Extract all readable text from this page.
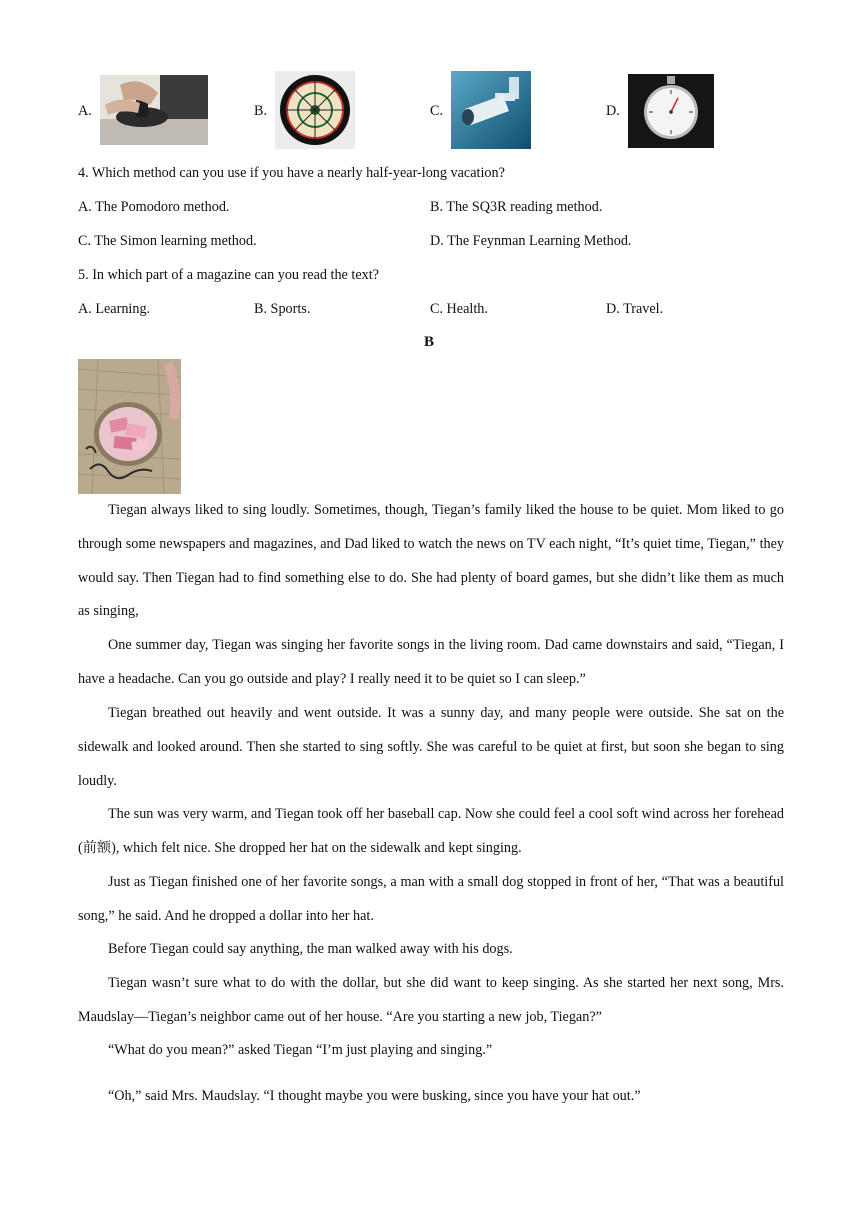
A.	B.	C.	D.
4. Which method can you use if you have a nearly half-year-long vacation?
A. The Pomodoro method.	B. The SQ3R reading method.
C. The Simon learning method.	D. The Feynman Learning Method.
5. In which part of a magazine can you read the text?
A. Learning.	B. Sports.	C. Health.	D. Travel.
B
Tiegan always liked to sing loudly. Sometimes, though, Tiegan’s family liked the house to be quiet. Mom liked to go through some newspapers and magazines, and Dad liked to watch the news on TV each night, “It’s quiet time, Tiegan,” they would say. Then Tiegan had to find something else to do. She had plenty of board games, but she didn’t like them as much as singing,
One summer day, Tiegan was singing her favorite songs in the living room. Dad came downstairs and said, “Tiegan, I have a headache. Can you go outside and play? I really need it to be quiet so I can sleep.”
Tiegan breathed out heavily and went outside. It was a sunny day, and many people were outside. She sat on the sidewalk and looked around. Then she started to sing softly. She was careful to be quiet at first, but soon she began to sing loudly.
The sun was very warm, and Tiegan took off her baseball cap. Now she could feel a cool soft wind across her forehead (前额), which felt nice. She dropped her hat on the sidewalk and kept singing.
Just as Tiegan finished one of her favorite songs, a man with a small dog stopped in front of her, “That was a beautiful song,” he said. And he dropped a dollar into her hat.
Before Tiegan could say anything, the man walked away with his dogs.
Tiegan wasn’t sure what to do with the dollar, but she did want to keep singing. As she started her next song, Mrs. Maudslay—Tiegan’s neighbor came out of her house. “Are you starting a new job, Tiegan?”
“What do you mean?” asked Tiegan “I’m just playing and singing.”
“Oh,” said Mrs. Maudslay. “I thought maybe you were busking, since you have your hat out.”
